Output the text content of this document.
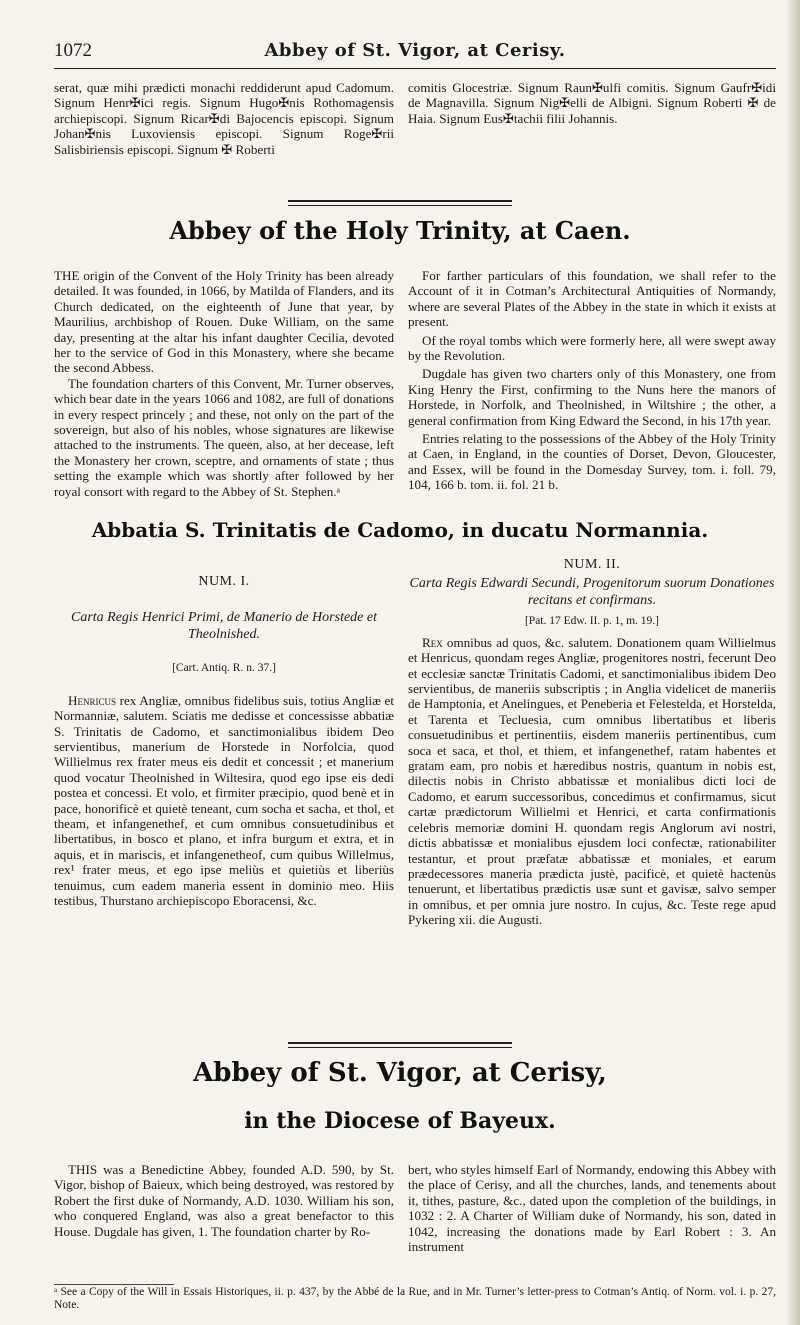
1072	Abbey of St. Vigor, at Cerisy.

serat, quæ mihi prædicti monachi reddiderunt apud Cadomum. Signum Henr✠ici regis. Signum Hugo✠nis Rothomagensis archiepiscopi. Signum Ricar✠di Bajocencis episcopi. Signum Johan✠nis Luxoviensis episcopi. Signum Roge✠rii Salisbiriensis episcopi. Signum ✠ Roberti

comitis Glocestriæ. Signum Raun✠ulfi comitis. Signum Gaufr✠idi de Magnavilla. Signum Nig✠elli de Albigni. Signum Roberti ✠ de Haia. Signum Eus✠tachii filii Johannis.

Abbey of the Holy Trinity, at Caen.

THE origin of the Convent of the Holy Trinity has been already detailed. It was founded, in 1066, by Matilda of Flanders, and its Church dedicated, on the eighteenth of June that year, by Maurilius, archbishop of Rouen. Duke William, on the same day, presenting at the altar his infant daughter Cecilia, devoted her to the service of God in this Monastery, where she became the second Abbess.

The foundation charters of this Convent, Mr. Turner observes, which bear date in the years 1066 and 1082, are full of donations in every respect princely ; and these, not only on the part of the sovereign, but also of his nobles, whose signatures are likewise attached to the instruments. The queen, also, at her decease, left the Monastery her crown, sceptre, and ornaments of state ; thus setting the example which was shortly after followed by her royal consort with regard to the Abbey of St. Stephen.ᵃ

For farther particulars of this foundation, we shall refer to the Account of it in Cotman’s Architectural Antiquities of Normandy, where are several Plates of the Abbey in the state in which it exists at present.

Of the royal tombs which were formerly here, all were swept away by the Revolution.

Dugdale has given two charters only of this Monastery, one from King Henry the First, confirming to the Nuns here the manors of Horstede, in Norfolk, and Theolnished, in Wiltshire ; the other, a general confirmation from King Edward the Second, in his 17th year.

Entries relating to the possessions of the Abbey of the Holy Trinity at Caen, in England, in the counties of Dorset, Devon, Gloucester, and Essex, will be found in the Domesday Survey, tom. i. foll. 79, 104, 166 b. tom. ii. fol. 21 b.

Abbatia S. Trinitatis de Cadomo, in ducatu Normannia.
NUM. I.
Carta Regis Henrici Primi, de Manerio de Horstede et Theolnished.
[Cart. Antiq. R. n. 37.]

Henricus rex Angliæ, omnibus fidelibus suis, totius Angliæ et Normanniæ, salutem. Sciatis me dedisse et concessisse abbatiæ S. Trinitatis de Cadomo, et sanctimonialibus ibidem Deo servientibus, manerium de Horstede in Norfolcia, quod Willielmus rex frater meus eis dedit et concessit ; et manerium quod vocatur Theolnished in Wiltesira, quod ego ipse eis dedi postea et concessi. Et volo, et firmiter præcipio, quod benè et in pace, honorificè et quietè teneant, cum socha et sacha, et thol, et theam, et infangenethef, et cum omnibus consuetudinibus et libertatibus, in bosco et plano, et infra burgum et extra, et in aquis, et in mariscis, et infangenetheof, cum quibus Willelmus, rex¹ frater meus, et ego ipse meliùs et quietiùs et liberiùs tenuimus, cum eadem maneria essent in dominio meo. Hiis testibus, Thurstano archiepiscopo Eboracensi, &c.

NUM. II.
Carta Regis Edwardi Secundi, Progenitorum suorum Donationes recitans et confirmans.
[Pat. 17 Edw. II. p. 1, m. 19.]

Rex omnibus ad quos, &c. salutem. Donationem quam Willielmus et Henricus, quondam reges Angliæ, progenitores nostri, fecerunt Deo et ecclesiæ sanctæ Trinitatis Cadomi, et sanctimonialibus ibidem Deo servientibus, de maneriis subscriptis ; in Anglia videlicet de maneriis de Hamptonia, et Anelingues, et Peneberia et Felestelda, et Horstelda, et Tarenta et Tecluesia, cum omnibus libertatibus et liberis consuetudinibus et pertinentiis, eisdem maneriis pertinentibus, cum soca et saca, et thol, et thiem, et infangenethef, ratam habentes et gratam eam, pro nobis et hæredibus nostris, quantum in nobis est, dilectis nobis in Christo abbatissæ et monialibus dicti loci de Cadomo, et earum successoribus, concedimus et confirmamus, sicut cartæ prædictorum Willielmi et Henrici, et carta confirmationis celebris memoriæ domini H. quondam regis Anglorum avi nostri, dictis abbatissæ et monialibus ejusdem loci confectæ, rationabiliter testantur, et prout præfatæ abbatissæ et moniales, et earum prædecessores maneria prædicta justè, pacificè, et quietè hactenùs tenuerunt, et libertatibus prædictis usæ sunt et gavisæ, salvo semper in omnibus, et per omnia jure nostro. In cujus, &c. Teste rege apud Pykering xii. die Augusti.

Abbey of St. Vigor, at Cerisy,
in the Diocese of Bayeux.

THIS was a Benedictine Abbey, founded A.D. 590, by St. Vigor, bishop of Baieux, which being destroyed, was restored by Robert the first duke of Normandy, A.D. 1030. William his son, who conquered England, was also a great benefactor to this House. Dugdale has given, 1. The foundation charter by Ro-

bert, who styles himself Earl of Normandy, endowing this Abbey with the place of Cerisy, and all the churches, lands, and tenements about it, tithes, pasture, &c., dated upon the completion of the buildings, in 1032 : 2. A Charter of William duke of Normandy, his son, dated in 1042, increasing the donations made by Earl Robert : 3. An instrument

ᵃ See a Copy of the Will in Essais Historiques, ii. p. 437, by the Abbé de la Rue, and in Mr. Turner’s letter-press to Cotman’s Antiq. of Norm. vol. i. p. 27, Note.
